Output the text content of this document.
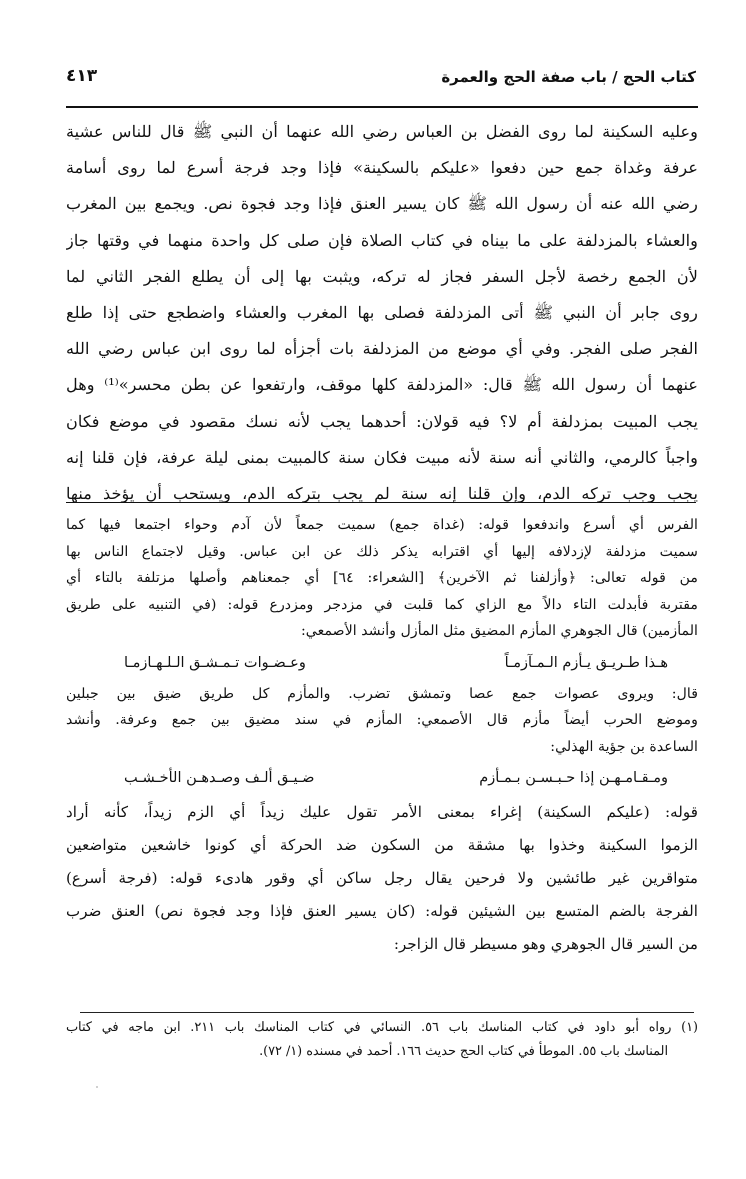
كتاب الحج / باب صفة الحج والعمرة
٤١٣
وعليه السكينة لما روى الفضل بن العباس رضي الله عنهما أن النبي ﷺ قال للناس عشية
عرفة وغداة جمع حين دفعوا «عليكم بالسكينة» فإذا وجد فرجة أسرع لما روى أسامة
رضي الله عنه أن رسول الله ﷺ كان يسير العنق فإذا وجد فجوة نص. ويجمع بين المغرب
والعشاء بالمزدلفة على ما بيناه في كتاب الصلاة فإن صلى كل واحدة منهما في وقتها جاز
لأن الجمع رخصة لأجل السفر فجاز له تركه، ويثبت بها إلى أن يطلع الفجر الثاني لما
روى جابر أن النبي ﷺ أتى المزدلفة فصلى بها المغرب والعشاء واضطجع حتى إذا طلع
الفجر صلى الفجر. وفي أي موضع من المزدلفة بات أجزأه لما روى ابن عباس رضي الله
عنهما أن رسول الله ﷺ قال: «المزدلفة كلها موقف، وارتفعوا عن بطن محسر»⁽¹⁾ وهل
يجب المبيت بمزدلفة أم لا؟ فيه قولان: أحدهما يجب لأنه نسك مقصود في موضع فكان
واجباً كالرمي، والثاني أنه سنة لأنه مبيت فكان سنة كالمبيت بمنى ليلة عرفة، فإن قلنا إنه
يجب وجب تركه الدم، وإن قلنا إنه سنة لم يجب بتركه الدم، ويستحب أن يؤخذ منها
الفرس أي أسرع واندفعوا قوله: (غداة جمع) سميت جمعاً لأن آدم وحواء اجتمعا فيها كما
سميت مزدلفة لإزدلافه إليها أي اقترابه يذكر ذلك عن ابن عباس. وقيل لاجتماع الناس بها
من قوله تعالى: ﴿وأزلفنا ثم الآخرين﴾ [الشعراء: ٦٤] أي جمعناهم وأصلها مزتلفة بالتاء أي
مقتربة فأبدلت التاء دالاً مع الزاي كما قلبت في مزدجر ومزدرع قوله: (في التنبيه على طريق
المأزمين) قال الجوهري المأزم المضيق مثل المأزل وأنشد الأصمعي:
هـذا طـريـق يـأزم الـمـآزمـاً
وعـضـوات تـمـشـق الـلـهـازمـا
قال: ويروى عصوات جمع عصا وتمشق تضرب. والمأزم كل طريق ضيق بين جبلين
وموضع الحرب أيضاً مأزم قال الأصمعي: المأزم في سند مضيق بين جمع وعرفة. وأنشد
الساعدة بن جؤية الهذلي:
ومـقـامـهـن إذا حـبـسـن بـمـأزم
ضـيـق ألـف وصـدهـن الأخـشـب
قوله: (عليكم السكينة) إغراء بمعنى الأمر تقول عليك زيداً أي الزم زيداً، كأنه أراد
الزموا السكينة وخذوا بها مشقة من السكون ضد الحركة أي كونوا خاشعين متواضعين
متواقرين غير طائشين ولا فرحين يقال رجل ساكن أي وقور هادىء قوله: (فرجة أسرع)
الفرجة بالضم المتسع بين الشيئين قوله: (كان يسير العنق فإذا وجد فجوة نص) العنق ضرب
من السير قال الجوهري وهو مسيطر قال الزاجر:
(١) رواه أبو داود في كتاب المناسك باب ٥٦. النسائي في كتاب المناسك باب ٢١١. ابن ماجه في كتاب
المناسك باب ٥٥. الموطأ في كتاب الحج حديث ١٦٦. أحمد في مسنده (١/ ٧٢).
